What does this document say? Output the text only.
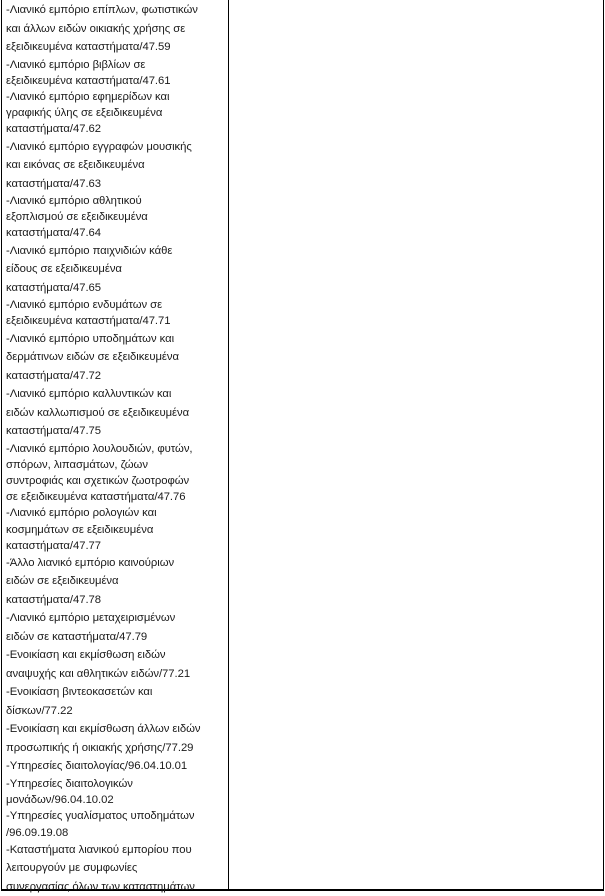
-Λιανικό εμπόριο επίπλων, φωτιστικών
και άλλων ειδών οικιακής χρήσης σε
εξειδικευμένα καταστήματα/47.59
-Λιανικό εμπόριο βιβλίων σε
εξειδικευμένα καταστήματα/47.61
-Λιανικό εμπόριο εφημερίδων και
γραφικής ύλης σε εξειδικευμένα
καταστήματα/47.62
-Λιανικό εμπόριο εγγραφών μουσικής
και εικόνας σε εξειδικευμένα
καταστήματα/47.63
-Λιανικό εμπόριο αθλητικού
εξοπλισμού σε εξειδικευμένα
καταστήματα/47.64
-Λιανικό εμπόριο παιχνιδιών κάθε
είδους σε εξειδικευμένα
καταστήματα/47.65
-Λιανικό εμπόριο ενδυμάτων σε
εξειδικευμένα καταστήματα/47.71
-Λιανικό εμπόριο υποδημάτων και
δερμάτινων ειδών σε εξειδικευμένα
καταστήματα/47.72
-Λιανικό εμπόριο καλλυντικών και
ειδών καλλωπισμού σε εξειδικευμένα
καταστήματα/47.75
-Λιανικό εμπόριο λουλουδιών, φυτών,
σπόρων, λιπασμάτων, ζώων
συντροφιάς και σχετικών ζωοτροφών
σε εξειδικευμένα καταστήματα/47.76
-Λιανικό εμπόριο ρολογιών και
κοσμημάτων σε εξειδικευμένα
καταστήματα/47.77
-Άλλο λιανικό εμπόριο καινούριων
ειδών σε εξειδικευμένα
καταστήματα/47.78
-Λιανικό εμπόριο μεταχειρισμένων
ειδών σε καταστήματα/47.79
-Ενοικίαση και εκμίσθωση ειδών
αναψυχής και αθλητικών ειδών/77.21
-Ενοικίαση βιντεοκασετών και
δίσκων/77.22
-Ενοικίαση και εκμίσθωση άλλων ειδών
προσωπικής ή οικιακής χρήσης/77.29
-Υπηρεσίες διαιτολογίας/96.04.10.01
-Υπηρεσίες διαιτολογικών
μονάδων/96.04.10.02
-Υπηρεσίες γυαλίσματος υποδημάτων
/96.09.19.08
-Καταστήματα λιανικού εμπορίου που
λειτουργούν με συμφωνίες
συνεργασίας όλων των καταστημάτων
